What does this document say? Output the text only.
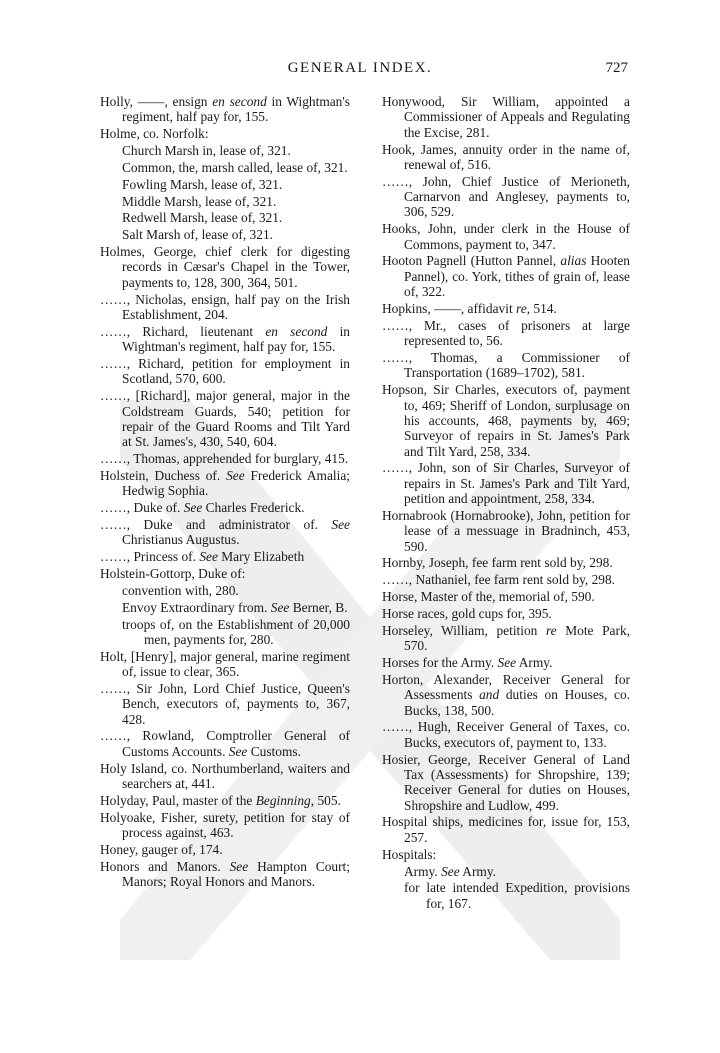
GENERAL INDEX.	727
Holly, ——, ensign en second in Wightman's regiment, half pay for, 155.
Holme, co. Norfolk:
Church Marsh in, lease of, 321.
Common, the, marsh called, lease of, 321.
Fowling Marsh, lease of, 321.
Middle Marsh, lease of, 321.
Redwell Marsh, lease of, 321.
Salt Marsh of, lease of, 321.
Holmes, George, chief clerk for digesting records in Cæsar's Chapel in the Tower, payments to, 128, 300, 364, 501.
……, Nicholas, ensign, half pay on the Irish Establishment, 204.
……, Richard, lieutenant en second in Wightman's regiment, half pay for, 155.
……, Richard, petition for employment in Scotland, 570, 600.
……, [Richard], major general, major in the Coldstream Guards, 540; petition for repair of the Guard Rooms and Tilt Yard at St. James's, 430, 540, 604.
……, Thomas, apprehended for burglary, 415.
Holstein, Duchess of. See Frederick Amalia; Hedwig Sophia.
……, Duke of. See Charles Frederick.
……, Duke and administrator of. See Christianus Augustus.
……, Princess of. See Mary Elizabeth
Holstein-Gottorp, Duke of:
convention with, 280.
Envoy Extraordinary from. See Berner, B.
troops of, on the Establishment of 20,000 men, payments for, 280.
Holt, [Henry], major general, marine regiment of, issue to clear, 365.
……, Sir John, Lord Chief Justice, Queen's Bench, executors of, payments to, 367, 428.
……, Rowland, Comptroller General of Customs Accounts. See Customs.
Holy Island, co. Northumberland, waiters and searchers at, 441.
Holyday, Paul, master of the Beginning, 505.
Holyoake, Fisher, surety, petition for stay of process against, 463.
Honey, gauger of, 174.
Honors and Manors. See Hampton Court; Manors; Royal Honors and Manors.
Honywood, Sir William, appointed a Commissioner of Appeals and Regulating the Excise, 281.
Hook, James, annuity order in the name of, renewal of, 516.
……, John, Chief Justice of Merioneth, Carnarvon and Anglesey, payments to, 306, 529.
Hooks, John, under clerk in the House of Commons, payment to, 347.
Hooton Pagnell (Hutton Pannel, alias Hooten Pannel), co. York, tithes of grain of, lease of, 322.
Hopkins, ——, affidavit re, 514.
……, Mr., cases of prisoners at large represented to, 56.
……, Thomas, a Commissioner of Transportation (1689–1702), 581.
Hopson, Sir Charles, executors of, payment to, 469; Sheriff of London, surplusage on his accounts, 468, payments by, 469; Surveyor of repairs in St. James's Park and Tilt Yard, 258, 334.
……, John, son of Sir Charles, Surveyor of repairs in St. James's Park and Tilt Yard, petition and appointment, 258, 334.
Hornabrook (Hornabrooke), John, petition for lease of a messuage in Bradninch, 453, 590.
Hornby, Joseph, fee farm rent sold by, 298.
……, Nathaniel, fee farm rent sold by, 298.
Horse, Master of the, memorial of, 590.
Horse races, gold cups for, 395.
Horseley, William, petition re Mote Park, 570.
Horses for the Army. See Army.
Horton, Alexander, Receiver General for Assessments and duties on Houses, co. Bucks, 138, 500.
……, Hugh, Receiver General of Taxes, co. Bucks, executors of, payment to, 133.
Hosier, George, Receiver General of Land Tax (Assessments) for Shropshire, 139; Receiver General for duties on Houses, Shropshire and Ludlow, 499.
Hospital ships, medicines for, issue for, 153, 257.
Hospitals:
Army. See Army.
for late intended Expedition, provisions for, 167.
